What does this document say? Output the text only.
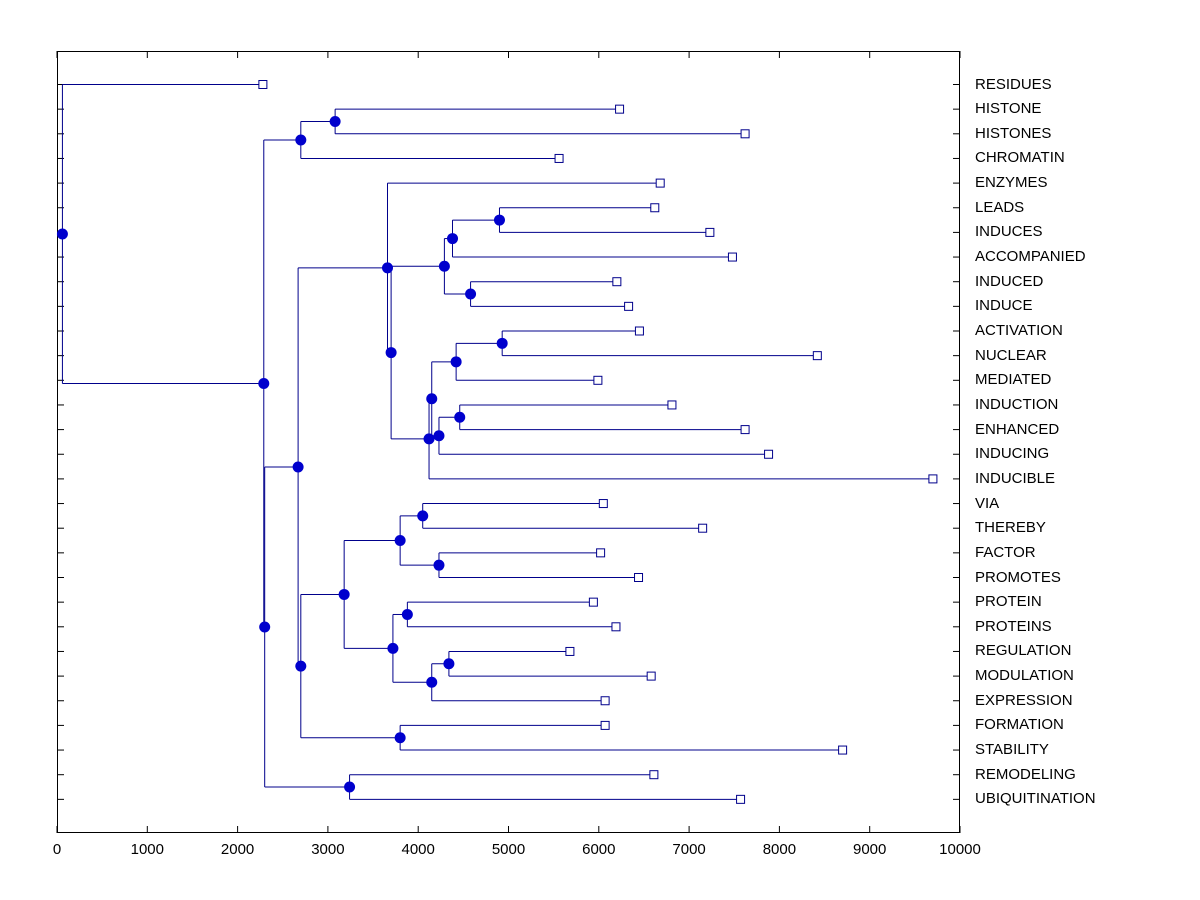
RESIDUES
HISTONE
HISTONES
CHROMATIN
ENZYMES
LEADS
INDUCES
ACCOMPANIED
INDUCED
INDUCE
ACTIVATION
NUCLEAR
MEDIATED
INDUCTION
ENHANCED
INDUCING
INDUCIBLE
VIA
THEREBY
FACTOR
PROMOTES
PROTEIN
PROTEINS
REGULATION
MODULATION
EXPRESSION
FORMATION
STABILITY
REMODELING
UBIQUITINATION
0	1000	2000	3000	4000	5000	6000	7000	8000	9000	10000
